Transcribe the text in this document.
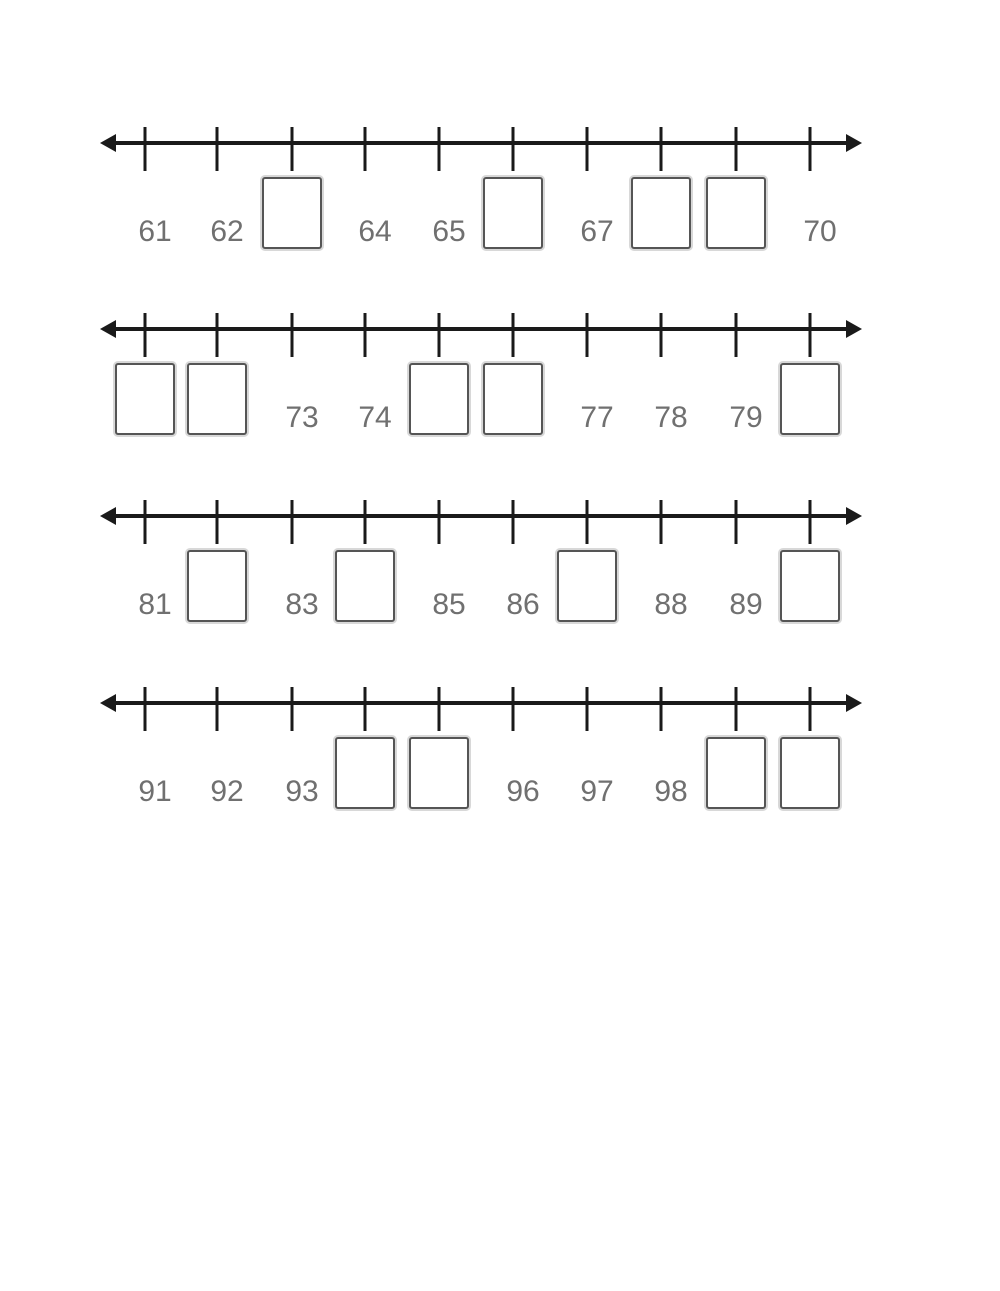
61 62	64 65	67	70
73 74	77 78 79
81	83	85 86	88 89
91 92 93	96 97 98
